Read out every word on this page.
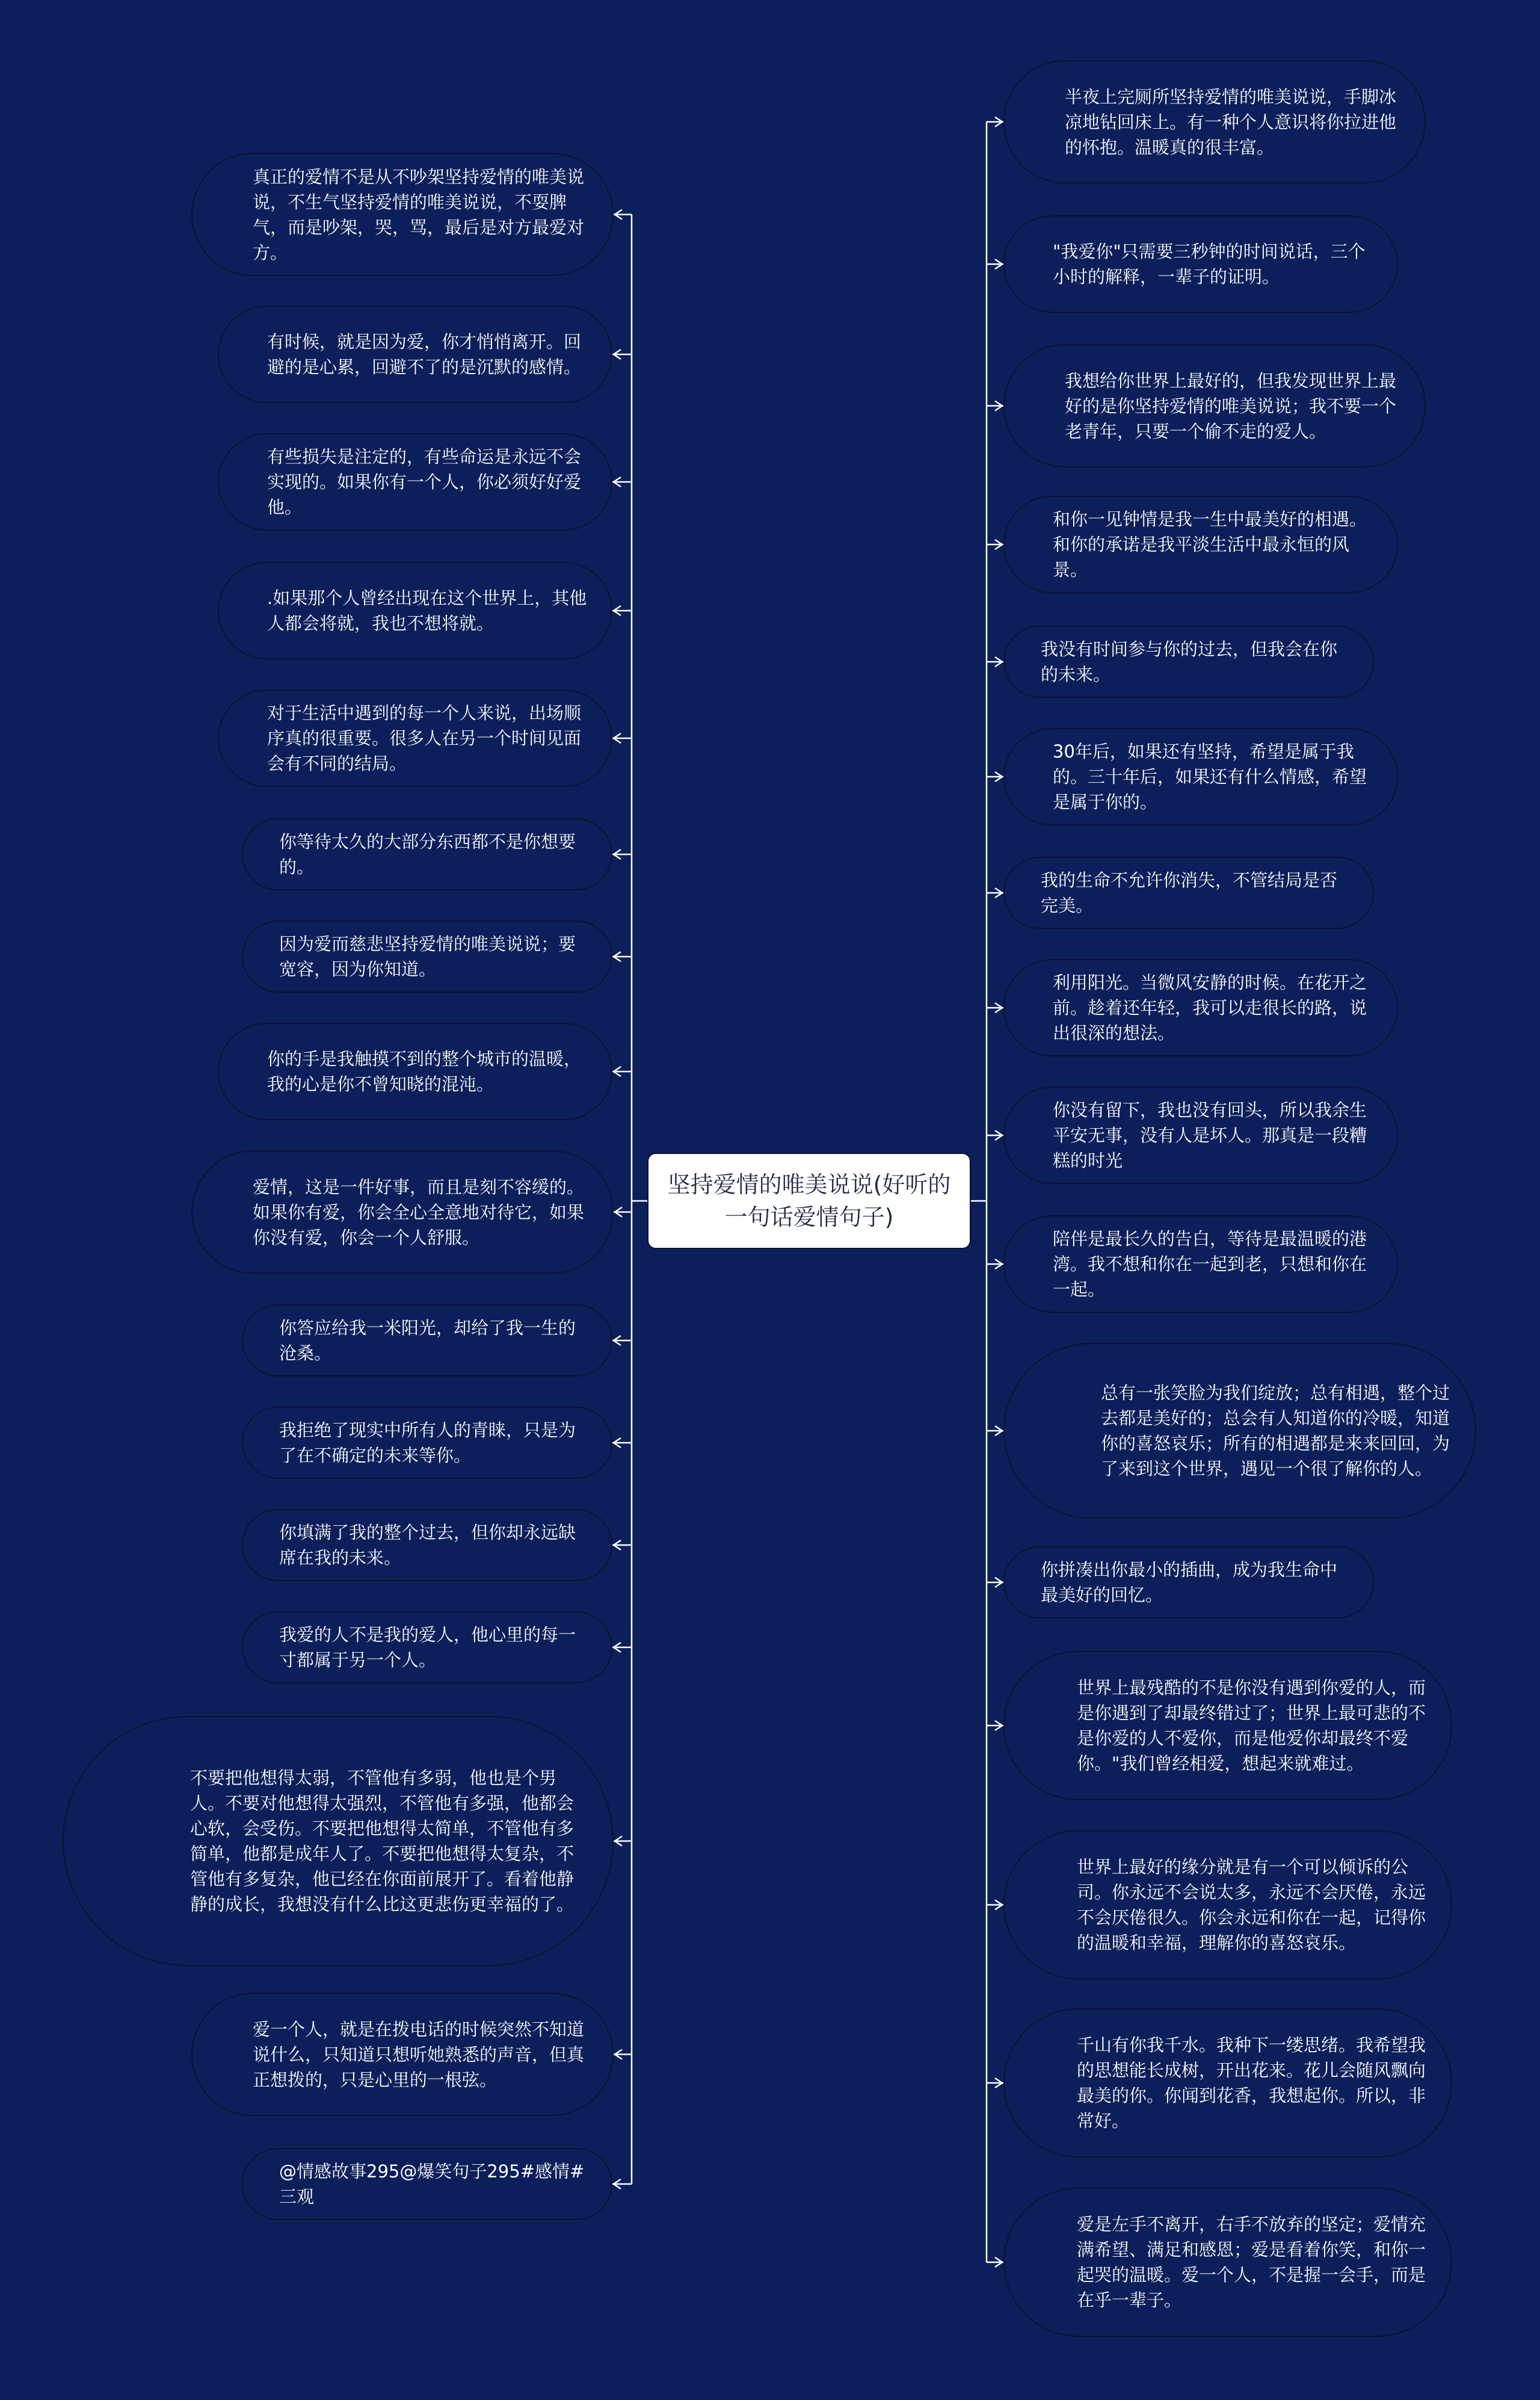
坚持爱情的唯美说说(好听的一句话爱情句子)
真正的爱情不是从不吵架坚持爱情的唯美说说，不生气坚持爱情的唯美说说，不耍脾气，而是吵架，哭，骂，最后是对方最爱对方。
有时候，就是因为爱，你才悄悄离开。回避的是心累，回避不了的是沉默的感情。
有些损失是注定的，有些命运是永远不会实现的。如果你有一个人，你必须好好爱他。
.如果那个人曾经出现在这个世界上，其他人都会将就，我也不想将就。
对于生活中遇到的每一个人来说，出场顺序真的很重要。很多人在另一个时间见面会有不同的结局。
你等待太久的大部分东西都不是你想要的。
因为爱而慈悲坚持爱情的唯美说说；要宽容，因为你知道。
你的手是我触摸不到的整个城市的温暖，我的心是你不曾知晓的混沌。
爱情，这是一件好事，而且是刻不容缓的。如果你有爱，你会全心全意地对待它，如果你没有爱，你会一个人舒服。
你答应给我一米阳光，却给了我一生的沧桑。
我拒绝了现实中所有人的青睐，只是为了在不确定的未来等你。
你填满了我的整个过去，但你却永远缺席在我的未来。
我爱的人不是我的爱人，他心里的每一寸都属于另一个人。
不要把他想得太弱，不管他有多弱，他也是个男人。不要对他想得太强烈，不管他有多强，他都会心软，会受伤。不要把他想得太简单，不管他有多简单，他都是成年人了。不要把他想得太复杂，不管他有多复杂，他已经在你面前展开了。看着他静静的成长，我想没有什么比这更悲伤更幸福的了。
爱一个人，就是在拨电话的时候突然不知道说什么，只知道只想听她熟悉的声音，但真正想拨的，只是心里的一根弦。
@情感故事295@爆笑句子295#感情#三观
半夜上完厕所坚持爱情的唯美说说，手脚冰凉地钻回床上。有一种个人意识将你拉进他的怀抱。温暖真的很丰富。
"我爱你"只需要三秒钟的时间说话，三个小时的解释，一辈子的证明。
我想给你世界上最好的，但我发现世界上最好的是你坚持爱情的唯美说说；我不要一个老青年，只要一个偷不走的爱人。
和你一见钟情是我一生中最美好的相遇。和你的承诺是我平淡生活中最永恒的风景。
我没有时间参与你的过去，但我会在你的未来。
30年后，如果还有坚持，希望是属于我的。三十年后，如果还有什么情感，希望是属于你的。
我的生命不允许你消失，不管结局是否完美。
利用阳光。当微风安静的时候。在花开之前。趁着还年轻，我可以走很长的路，说出很深的想法。
你没有留下，我也没有回头，所以我余生平安无事，没有人是坏人。那真是一段糟糕的时光
陪伴是最长久的告白，等待是最温暖的港湾。我不想和你在一起到老，只想和你在一起。
总有一张笑脸为我们绽放；总有相遇，整个过去都是美好的；总会有人知道你的冷暖，知道你的喜怒哀乐；所有的相遇都是来来回回，为了来到这个世界，遇见一个很了解你的人。
你拼凑出你最小的插曲，成为我生命中最美好的回忆。
世界上最残酷的不是你没有遇到你爱的人，而是你遇到了却最终错过了；世界上最可悲的不是你爱的人不爱你，而是他爱你却最终不爱你。"我们曾经相爱，想起来就难过。
世界上最好的缘分就是有一个可以倾诉的公司。你永远不会说太多，永远不会厌倦，永远不会厌倦很久。你会永远和你在一起，记得你的温暖和幸福，理解你的喜怒哀乐。
千山有你我千水。我种下一缕思绪。我希望我的思想能长成树，开出花来。花儿会随风飘向最美的你。你闻到花香，我想起你。所以，非常好。
爱是左手不离开，右手不放弃的坚定；爱情充满希望、满足和感恩；爱是看着你笑，和你一起哭的温暖。爱一个人，不是握一会手，而是在乎一辈子。
